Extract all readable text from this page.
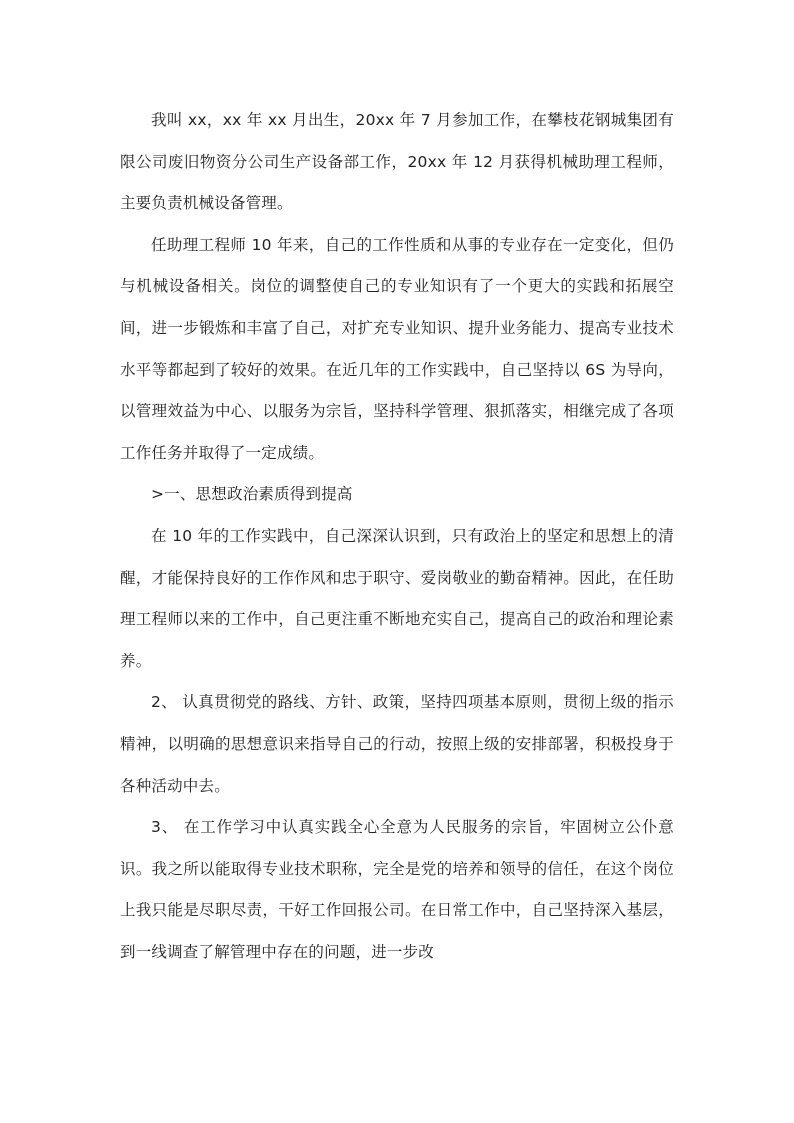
我叫 xx，xx 年 xx 月出生，20xx 年 7 月参加工作，在攀枝花钢城集团有限公司废旧物资分公司生产设备部工作，20xx 年 12 月获得机械助理工程师，主要负责机械设备管理。

任助理工程师 10 年来，自己的工作性质和从事的专业存在一定变化，但仍与机械设备相关。岗位的调整使自己的专业知识有了一个更大的实践和拓展空间，进一步锻炼和丰富了自己，对扩充专业知识、提升业务能力、提高专业技术水平等都起到了较好的效果。在近几年的工作实践中，自己坚持以 6S 为导向，以管理效益为中心、以服务为宗旨，坚持科学管理、狠抓落实，相继完成了各项工作任务并取得了一定成绩。

>一、思想政治素质得到提高

在 10 年的工作实践中，自己深深认识到，只有政治上的坚定和思想上的清醒，才能保持良好的工作作风和忠于职守、爱岗敬业的勤奋精神。因此，在任助理工程师以来的工作中，自己更注重不断地充实自己，提高自己的政治和理论素养。

2、 认真贯彻党的路线、方针、政策，坚持四项基本原则，贯彻上级的指示精神，以明确的思想意识来指导自己的行动，按照上级的安排部署，积极投身于各种活动中去。

3、 在工作学习中认真实践全心全意为人民服务的宗旨，牢固树立公仆意识。我之所以能取得专业技术职称，完全是党的培养和领导的信任，在这个岗位上我只能是尽职尽责，干好工作回报公司。在日常工作中，自己坚持深入基层，到一线调查了解管理中存在的问题，进一步改
